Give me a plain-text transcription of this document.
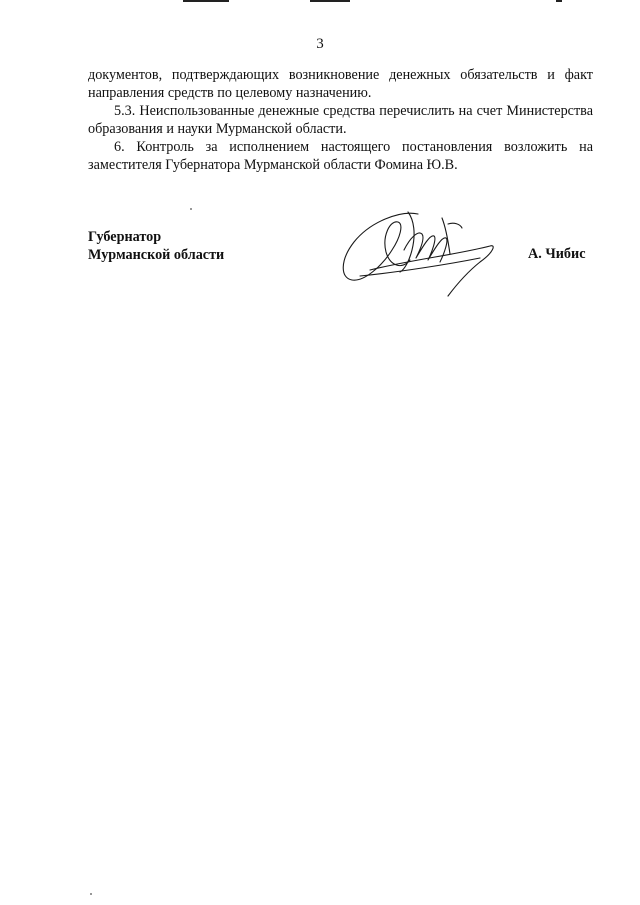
3

документов, подтверждающих возникновение денежных обязательств и факт направления средств по целевому назначению.

5.3. Неиспользованные денежные средства перечислить на счет Министерства образования и науки Мурманской области.

6. Контроль за исполнением настоящего постановления возложить на заместителя Губернатора Мурманской области Фомина Ю.В.

Губернатор
Мурманской области	А. Чибис
